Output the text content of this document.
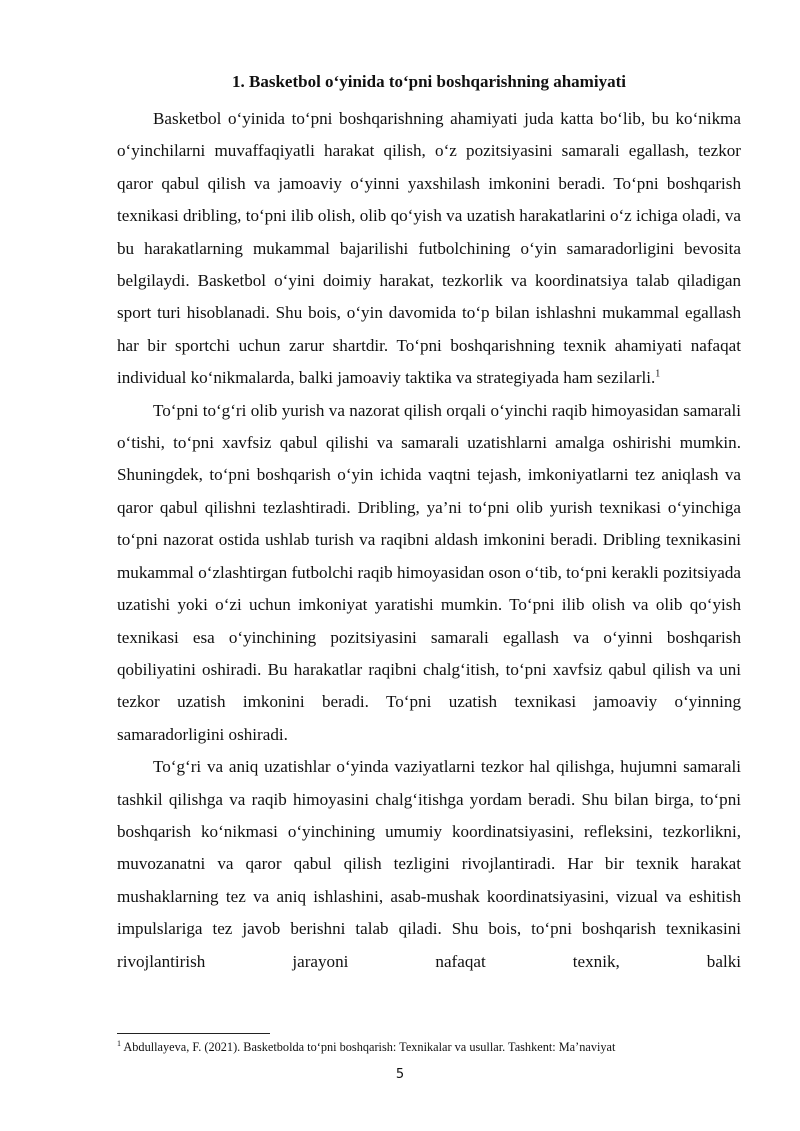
1. Basketbol o‘yinida to‘pni boshqarishning ahamiyati

Basketbol o‘yinida to‘pni boshqarishning ahamiyati juda katta bo‘lib, bu ko‘nikma o‘yinchilarni muvaffaqiyatli harakat qilish, o‘z pozitsiyasini samarali egallash, tezkor qaror qabul qilish va jamoaviy o‘yinni yaxshilash imkonini beradi. To‘pni boshqarish texnikasi dribling, to‘pni ilib olish, olib qo‘yish va uzatish harakatlarini o‘z ichiga oladi, va bu harakatlarning mukammal bajarilishi futbolchining o‘yin samaradorligini bevosita belgilaydi. Basketbol o‘yini doimiy harakat, tezkorlik va koordinatsiya talab qiladigan sport turi hisoblanadi. Shu bois, o‘yin davomida to‘p bilan ishlashni mukammal egallash har bir sportchi uchun zarur shartdir. To‘pni boshqarishning texnik ahamiyati nafaqat individual ko‘nikmalarda, balki jamoaviy taktika va strategiyada ham sezilarli.$^1$

To‘pni to‘g‘ri olib yurish va nazorat qilish orqali o‘yinchi raqib himoyasidan samarali o‘tishi, to‘pni xavfsiz qabul qilishi va samarali uzatishlarni amalga oshirishi mumkin. Shuningdek, to‘pni boshqarish o‘yin ichida vaqtni tejash, imkoniyatlarni tez aniqlash va qaror qabul qilishni tezlashtiradi. Dribling, ya’ni to‘pni olib yurish texnikasi o‘yinchiga to‘pni nazorat ostida ushlab turish va raqibni aldash imkonini beradi. Dribling texnikasini mukammal o‘zlashtirgan futbolchi raqib himoyasidan oson o‘tib, to‘pni kerakli pozitsiyada uzatishi yoki o‘zi uchun imkoniyat yaratishi mumkin. To‘pni ilib olish va olib qo‘yish texnikasi esa o‘yinchining pozitsiyasini samarali egallash va o‘yinni boshqarish qobiliyatini oshiradi. Bu harakatlar raqibni chalg‘itish, to‘pni xavfsiz qabul qilish va uni tezkor uzatish imkonini beradi. To‘pni uzatish texnikasi jamoaviy o‘yinning samaradorligini oshiradi.

To‘g‘ri va aniq uzatishlar o‘yinda vaziyatlarni tezkor hal qilishga, hujumni samarali tashkil qilishga va raqib himoyasini chalg‘itishga yordam beradi. Shu bilan birga, to‘pni boshqarish ko‘nikmasi o‘yinchining umumiy koordinatsiyasini, refleksini, tezkorlikni, muvozanatni va qaror qabul qilish tezligini rivojlantiradi. Har bir texnik harakat mushaklarning tez va aniq ishlashini, asab-mushak koordinatsiyasini, vizual va eshitish impulslariga tez javob berishni talab qiladi. Shu bois, to‘pni boshqarish texnikasini rivojlantirish jarayoni nafaqat texnik, balki

$^1$ Abdullayeva, F. (2021). Basketbolda to‘pni boshqarish: Texnikalar va usullar. Tashkent: Ma’naviyat
5
